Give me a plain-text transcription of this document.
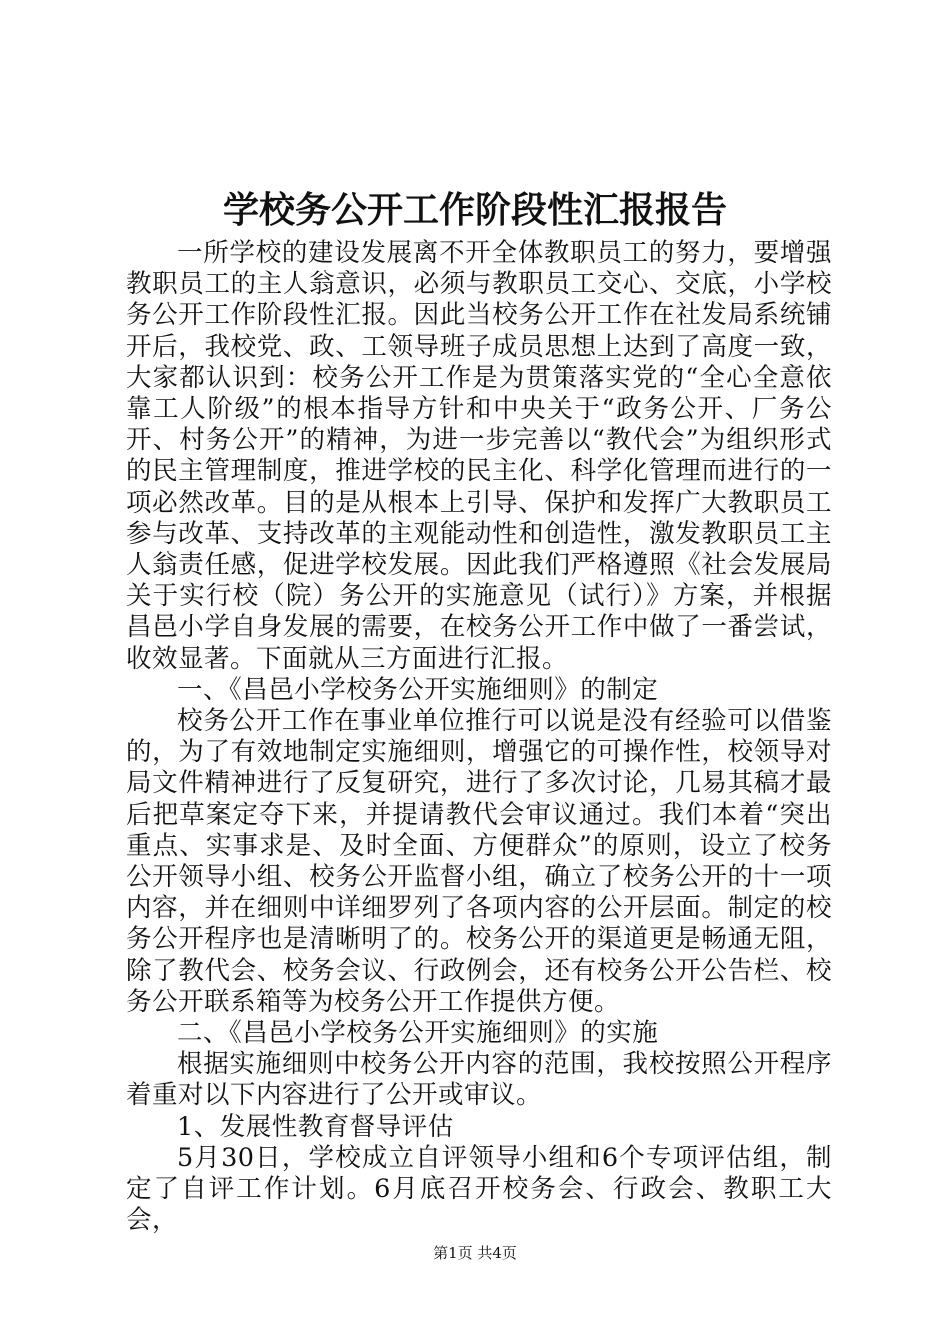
学校务公开工作阶段性汇报报告

一所学校的建设发展离不开全体教职员工的努力，要增强教职员工的主人翁意识，必须与教职员工交心、交底，小学校务公开工作阶段性汇报。因此当校务公开工作在社发局系统铺开后，我校党、政、工领导班子成员思想上达到了高度一致，大家都认识到：校务公开工作是为贯策落实党的“全心全意依靠工人阶级”的根本指导方针和中央关于“政务公开、厂务公开、村务公开”的精神，为进一步完善以“教代会”为组织形式的民主管理制度，推进学校的民主化、科学化管理而进行的一项必然改革。目的是从根本上引导、保护和发挥广大教职员工参与改革、支持改革的主观能动性和创造性，激发教职员工主人翁责任感，促进学校发展。因此我们严格遵照《社会发展局关于实行校（院）务公开的实施意见（试行）》方案，并根据昌邑小学自身发展的需要，在校务公开工作中做了一番尝试，收效显著。下面就从三方面进行汇报。

一、《昌邑小学校务公开实施细则》的制定

校务公开工作在事业单位推行可以说是没有经验可以借鉴的，为了有效地制定实施细则，增强它的可操作性，校领导对局文件精神进行了反复研究，进行了多次讨论，几易其稿才最后把草案定夺下来，并提请教代会审议通过。我们本着“突出重点、实事求是、及时全面、方便群众”的原则，设立了校务公开领导小组、校务公开监督小组，确立了校务公开的十一项内容，并在细则中详细罗列了各项内容的公开层面。制定的校务公开程序也是清晰明了的。校务公开的渠道更是畅通无阻，除了教代会、校务会议、行政例会，还有校务公开公告栏、校务公开联系箱等为校务公开工作提供方便。

二、《昌邑小学校务公开实施细则》的实施

根据实施细则中校务公开内容的范围，我校按照公开程序着重对以下内容进行了公开或审议。

1、发展性教育督导评估

5月30日，学校成立自评领导小组和6个专项评估组，制定了自评工作计划。6月底召开校务会、行政会、教职工大会，

第1页 共4页
